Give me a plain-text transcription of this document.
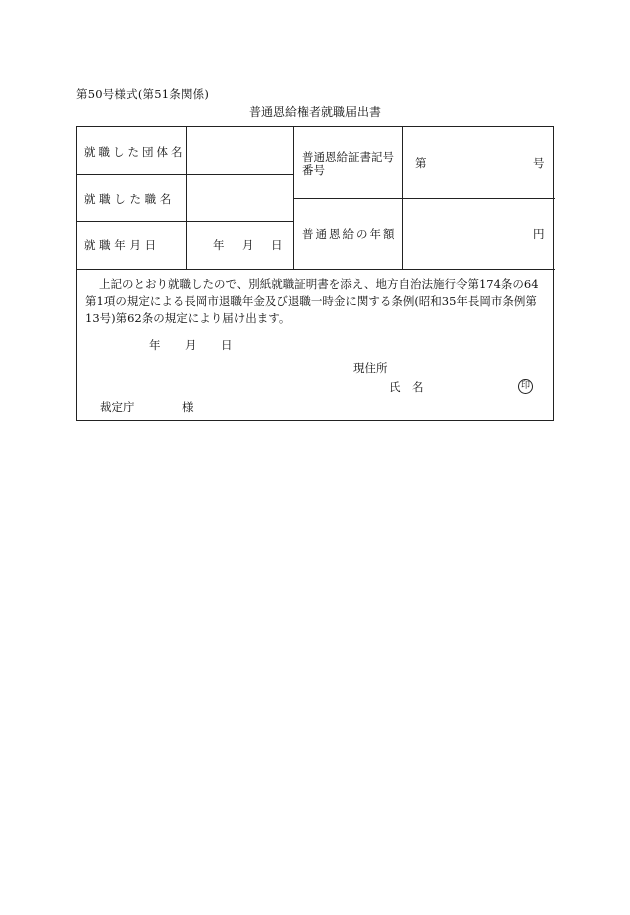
第50号様式(第51条関係)
普通恩給権者就職届出書
就職した団体名
就 職 し た 職 名
就 職 年 月 日	年 月 日
普通恩給証書記号
番号	第	号
普通恩給の年額	円
上記のとおり就職したので、別紙就職証明書を添え、地方自治法施行令第174条の64第1項の規定による長岡市退職年金及び退職一時金に関する条例(昭和35年長岡市条例第13号)第62条の規定により届け出ます。
年 月 日
現住所
氏　名	印
裁定庁	様
